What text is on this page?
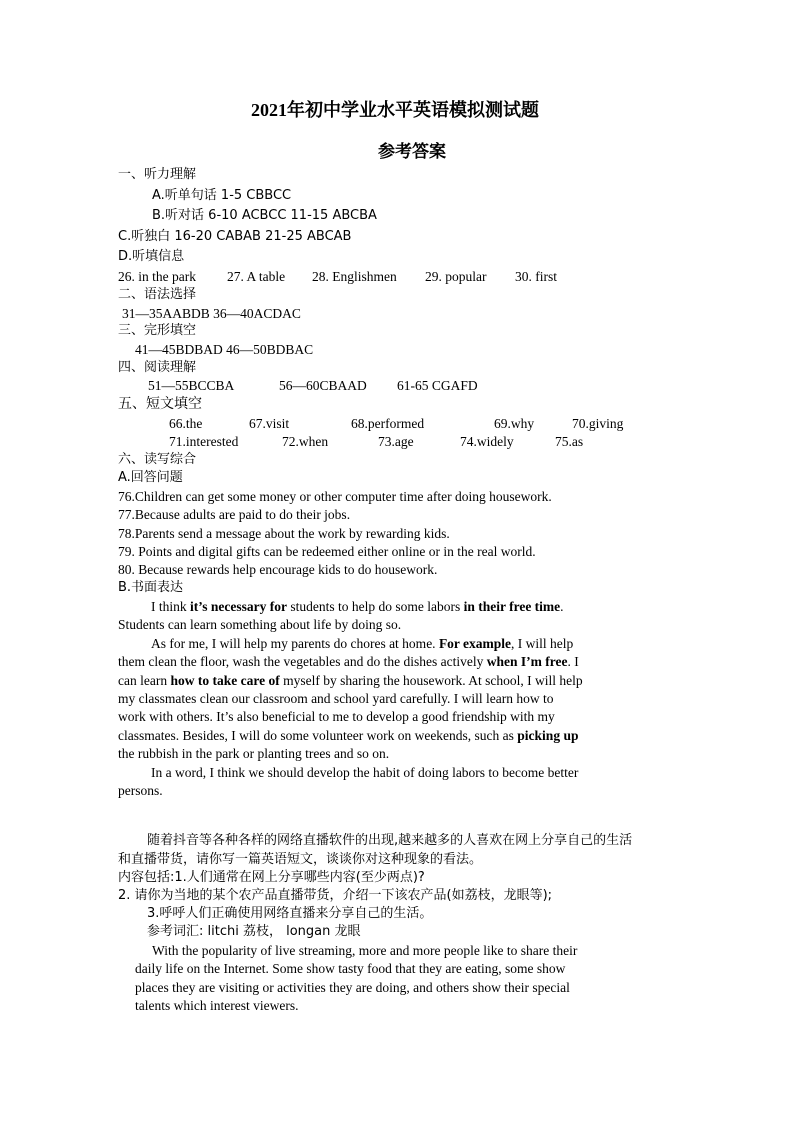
2021年初中学业水平英语模拟测试题
参考答案
一、听力理解
A.听单句话 1-5 CBBCC
B.听对话 6-10 ACBCC 11-15 ABCBA
C.听独白 16-20 CABAB 21-25 ABCAB
D.听填信息
26. in the park 27. A table 28. Englishmen 29. popular 30. first
二、语法选择
31—35AABDB 36—40ACDAC
三、完形填空
41—45BDBAD 46—50BDBAC
四、阅读理解
51—55BCCBA	56—60CBAAD 61-65 CGAFD
五、短文填空
66.the	67.visit	68.performed	69.why	70.giving
71.interested	72.when	73.age	74.widely	75.as
六、读写综合
A.回答问题
76.Children can get some money or other computer time after doing housework.
77.Because adults are paid to do their jobs.
78.Parents send a message about the work by rewarding kids.
79. Points and digital gifts can be redeemed either online or in the real world.
80. Because rewards help encourage kids to do housework.
B.书面表达
I think it’s necessary for students to help do some labors in their free time.
Students can learn something about life by doing so.
As for me, I will help my parents do chores at home. For example, I will help
them clean the floor, wash the vegetables and do the dishes actively when I’m free. I
can learn how to take care of myself by sharing the housework. At school, I will help
my classmates clean our classroom and school yard carefully. I will learn how to
work with others. It’s also beneficial to me to develop a good friendship with my
classmates. Besides, I will do some volunteer work on weekends, such as picking up
the rubbish in the park or planting trees and so on.
In a word, I think we should develop the habit of doing labors to become better
persons.
随着抖音等各种各样的网络直播软件的出现,越来越多的人喜欢在网上分享自己的生活
和直播带货，请你写一篇英语短文，谈谈你对这种现象的看法。
内容包括:1.人们通常在网上分享哪些内容(至少两点)?
2. 请你为当地的某个农产品直播带货，介绍一下该农产品(如荔枝，龙眼等);
3.呼呼人们正确使用网络直播来分享自己的生活。
参考词汇: litchi 荔枝， longan 龙眼
With the popularity of live streaming, more and more people like to share their
daily life on the Internet. Some show tasty food that they are eating, some show
places they are visiting or activities they are doing, and others show their special
talents which interest viewers.
